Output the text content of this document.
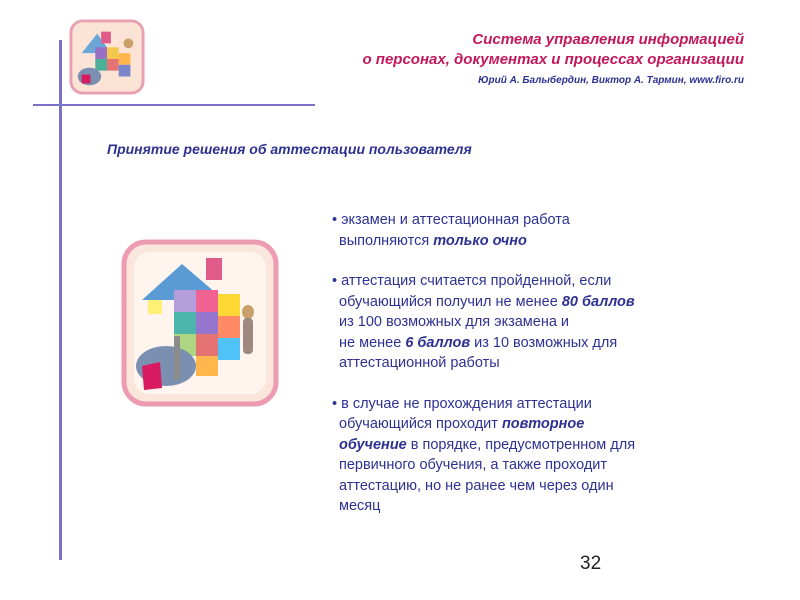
Система управления информацией
о персонах, документах и процессах организации
Юрий А. Балыбердин, Виктор А. Тармин, www.firo.ru
Принятие решения об аттестации пользователя
• экзамен и аттестационная работа
выполняются только очно
• аттестация считается пройденной, если
обучающийся получил не менее 80 баллов
из 100 возможных для экзамена и
не менее 6 баллов из 10 возможных для
аттестационной работы
• в случае не прохождения аттестации
обучающийся проходит повторное
обучение в порядке, предусмотренном для
первичного обучения, а также проходит
аттестацию, но не ранее чем через один
месяц
32
